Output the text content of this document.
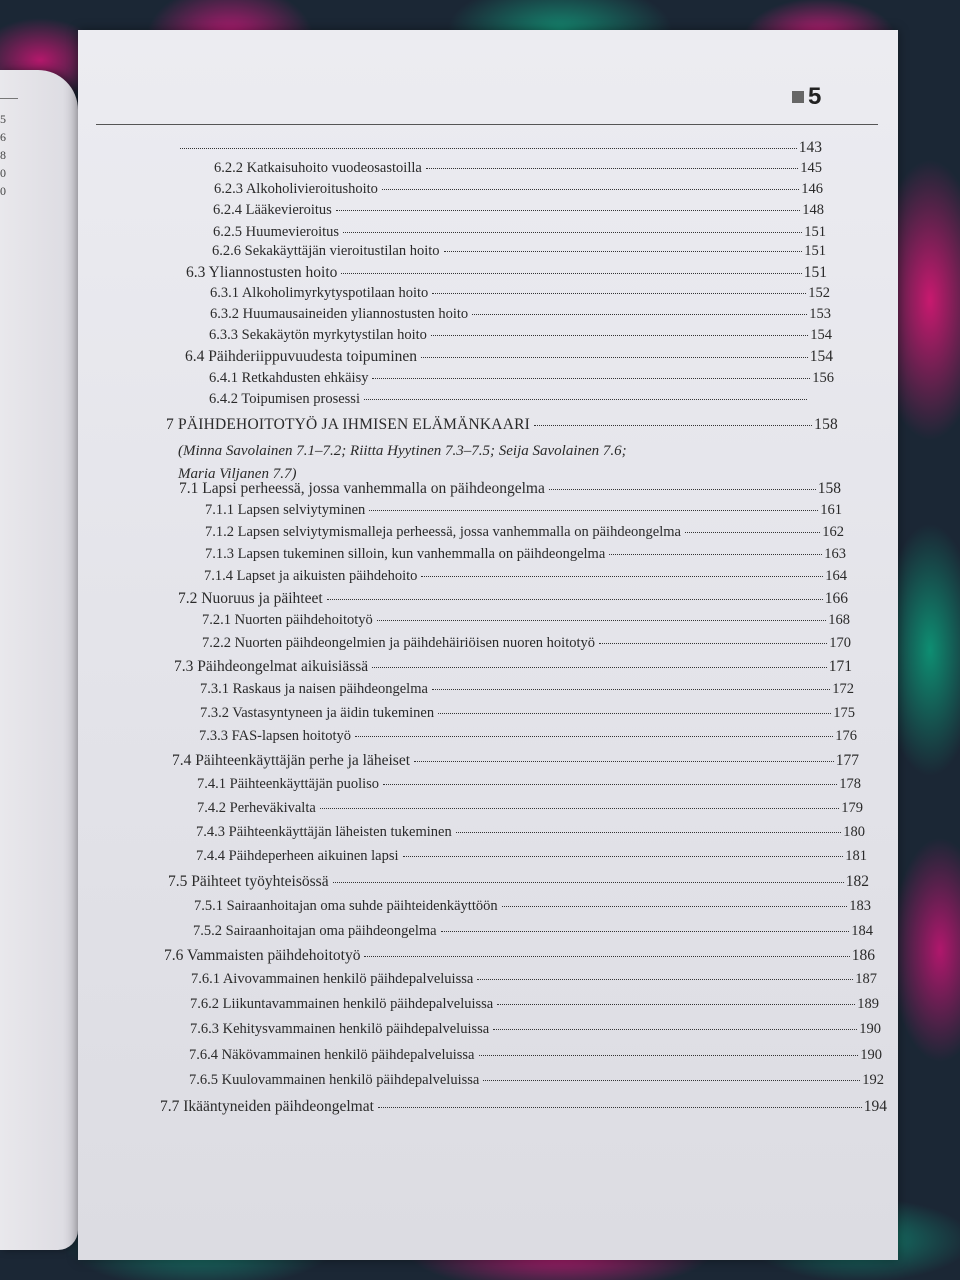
5
6
8
0
0
5
143
6.2.2 Katkaisuhoito vuodeosastoilla	145
6.2.3 Alkoholivieroitushoito	146
6.2.4 Lääkevieroitus	148
6.2.5 Huumevieroitus	151
6.2.6 Sekakäyttäjän vieroitustilan hoito	151
6.3 Yliannostusten hoito	151
6.3.1 Alkoholimyrkytyspotilaan hoito	152
6.3.2 Huumausaineiden yliannostusten hoito	153
6.3.3 Sekakäytön myrkytystilan hoito	154
6.4 Päihderiippuvuudesta toipuminen	154
6.4.1 Retkahdusten ehkäisy	156
6.4.2 Toipumisen prosessi
7 PÄIHDEHOITOTYÖ JA IHMISEN ELÄMÄNKAARI	158
(Minna Savolainen 7.1–7.2; Riitta Hyytinen 7.3–7.5; Seija Savolainen 7.6;
Maria Viljanen 7.7)
7.1 Lapsi perheessä, jossa vanhemmalla on päihdeongelma	158
7.1.1 Lapsen selviytyminen	161
7.1.2 Lapsen selviytymismalleja perheessä, jossa vanhemmalla on päihdeongelma	162
7.1.3 Lapsen tukeminen silloin, kun vanhemmalla on päihdeongelma	163
7.1.4 Lapset ja aikuisten päihdehoito	164
7.2 Nuoruus ja päihteet	166
7.2.1 Nuorten päihdehoitotyö	168
7.2.2 Nuorten päihdeongelmien ja päihdehäiriöisen nuoren hoitotyö	170
7.3 Päihdeongelmat aikuisiässä	171
7.3.1 Raskaus ja naisen päihdeongelma	172
7.3.2 Vastasyntyneen ja äidin tukeminen	175
7.3.3 FAS-lapsen hoitotyö	176
7.4 Päihteenkäyttäjän perhe ja läheiset	177
7.4.1 Päihteenkäyttäjän puoliso	178
7.4.2 Perheväkivalta	179
7.4.3 Päihteenkäyttäjän läheisten tukeminen	180
7.4.4 Päihdeperheen aikuinen lapsi	181
7.5 Päihteet työyhteisössä	182
7.5.1 Sairaanhoitajan oma suhde päihteidenkäyttöön	183
7.5.2 Sairaanhoitajan oma päihdeongelma	184
7.6 Vammaisten päihdehoitotyö	186
7.6.1 Aivovammainen henkilö päihdepalveluissa	187
7.6.2 Liikuntavammainen henkilö päihdepalveluissa	189
7.6.3 Kehitysvammainen henkilö päihdepalveluissa	190
7.6.4 Näkövammainen henkilö päihdepalveluissa	190
7.6.5 Kuulovammainen henkilö päihdepalveluissa	192
7.7 Ikääntyneiden päihdeongelmat	194
